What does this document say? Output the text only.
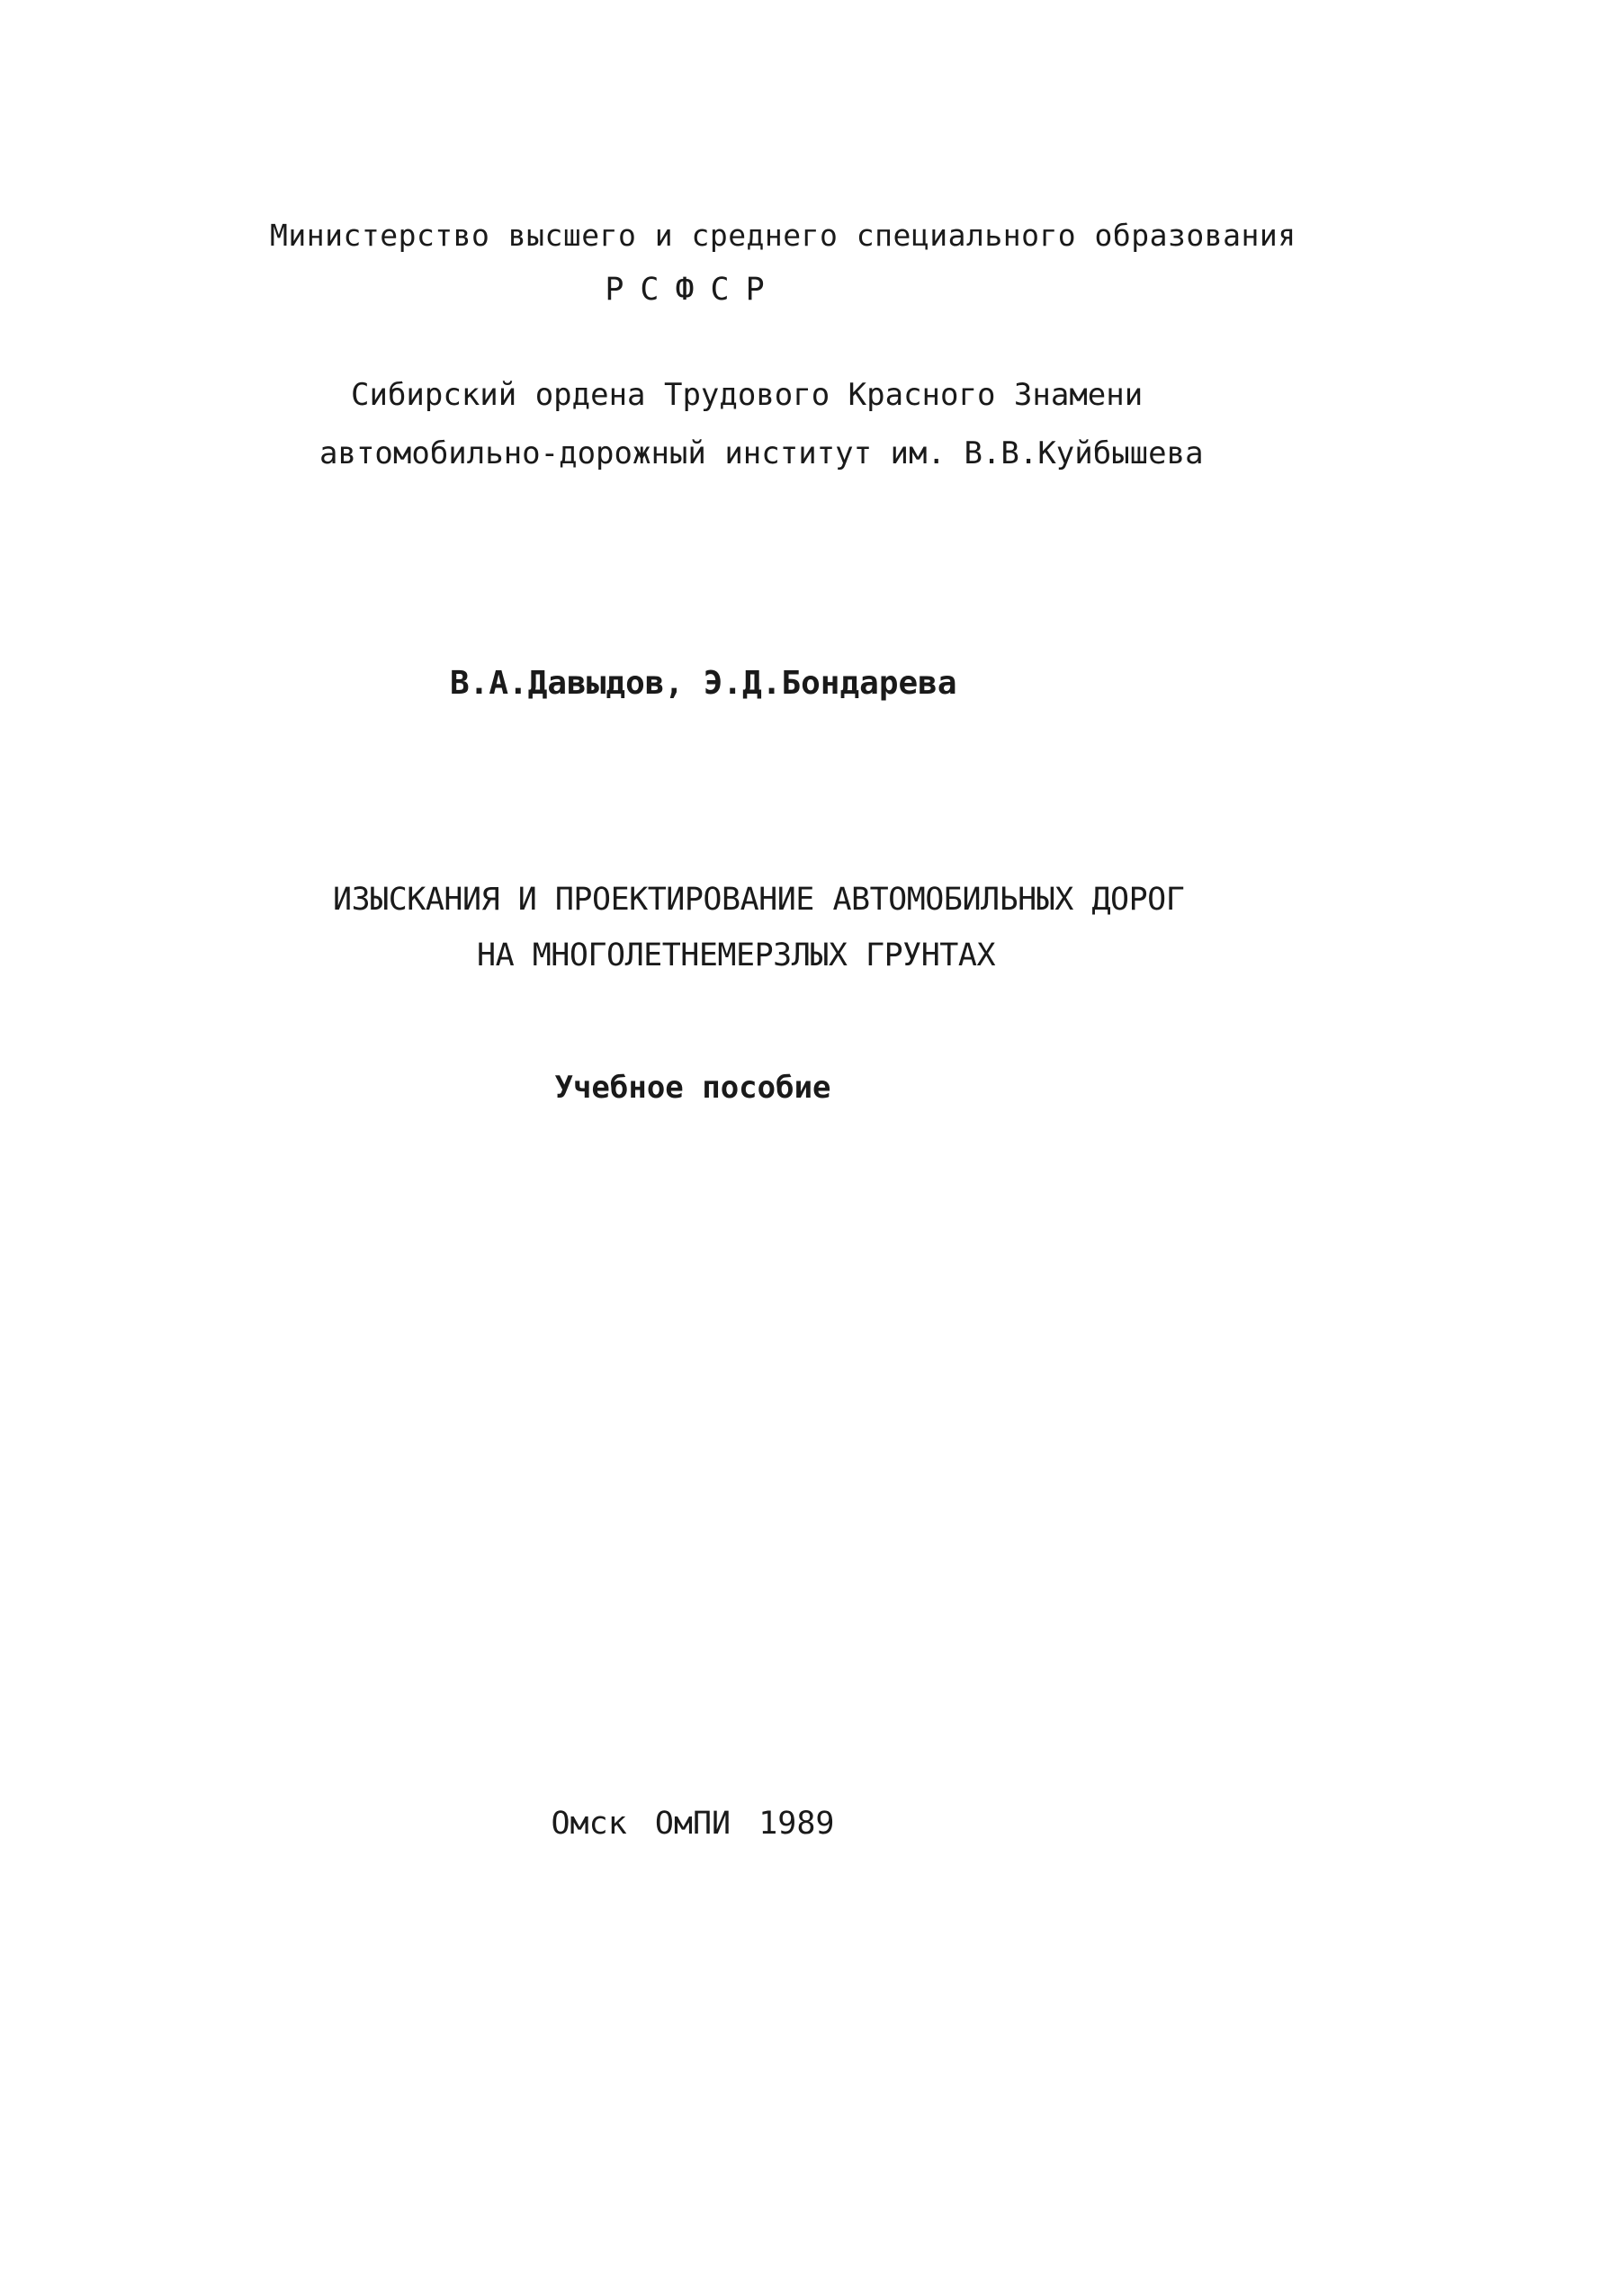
Министерство высшего и среднего специального образования
РСФСР
Сибирский ордена Трудового Красного Знамени
автомобильно-дорожный институт им. В.В.Куйбышева
В.А.Давыдов, Э.Д.Бондарева
ИЗЫСКАНИЯ И ПРОЕКТИРОВАНИЕ АВТОМОБИЛЬНЫХ ДОРОГ
НА МНОГОЛЕТНЕМЕРЗЛЫХ ГРУНТАХ
Учебное пособие
Омск ОмПИ 1989
